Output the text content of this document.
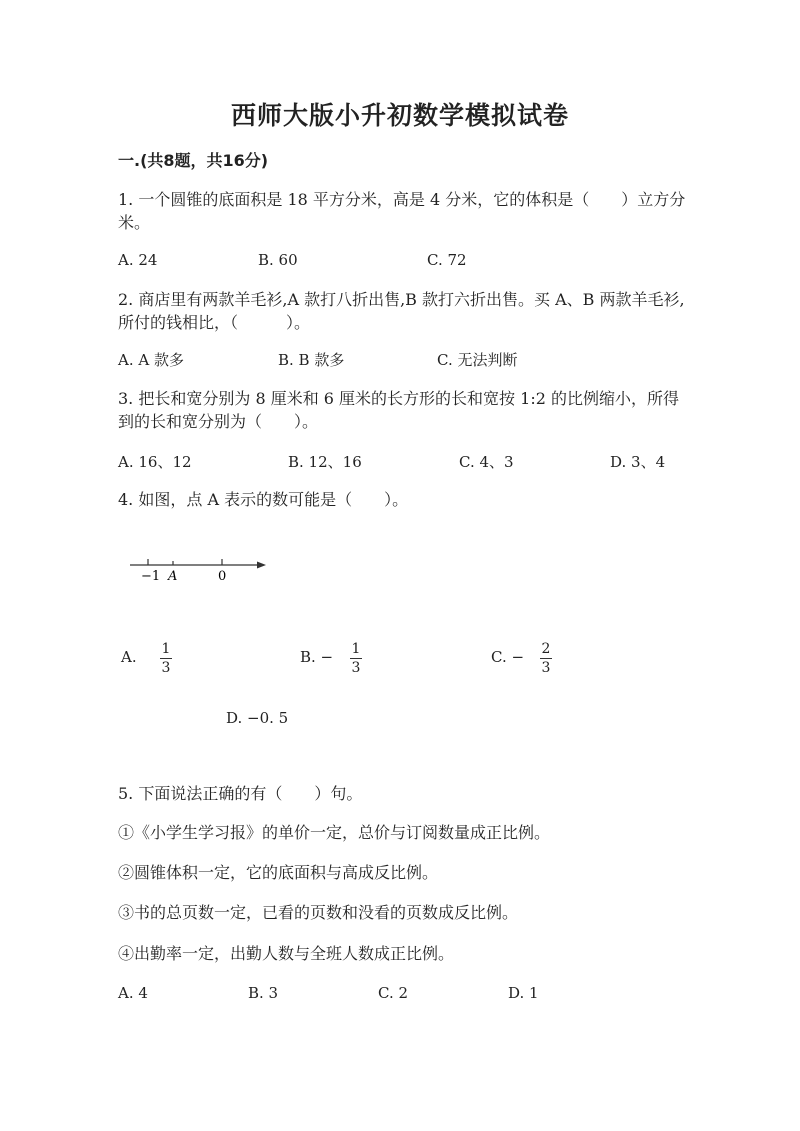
西师大版小升初数学模拟试卷
一.(共8题，共16分)
1. 一个圆锥的底面积是 18 平方分米，高是 4 分米，它的体积是（　　）立方分
米。
A. 24	B. 60	C. 72
2. 商店里有两款羊毛衫,A 款打八折出售,B 款打六折出售。买 A、B 两款羊毛衫,
所付的钱相比，（　　　）。
A. A 款多	B. B 款多	C. 无法判断
3. 把长和宽分别为 8 厘米和 6 厘米的长方形的长和宽按 1:2 的比例缩小，所得
到的长和宽分别为（　　）。
A. 16、12	B. 12、16	C. 4、3	D. 3、4
4. 如图，点 A 表示的数可能是（　　）。
−1 A	0
A. 1
3
B. − 1
3
C. − 2
3
D. −0. 5
5. 下面说法正确的有（　　）句。
①《小学生学习报》的单价一定，总价与订阅数量成正比例。
②圆锥体积一定，它的底面积与高成反比例。
③书的总页数一定，已看的页数和没看的页数成反比例。
④出勤率一定，出勤人数与全班人数成正比例。
A. 4	B. 3	C. 2	D. 1
